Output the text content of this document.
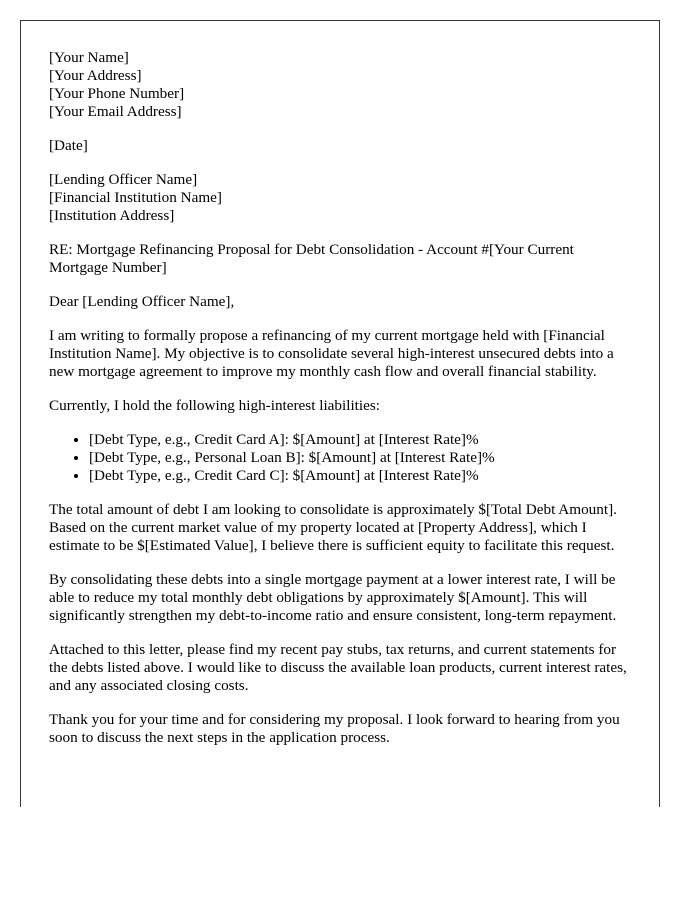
[Your Name]
[Your Address]
[Your Phone Number]
[Your Email Address]
[Date]
[Lending Officer Name]
[Financial Institution Name]
[Institution Address]

RE: Mortgage Refinancing Proposal for Debt Consolidation - Account #[Your Current Mortgage Number]

Dear [Lending Officer Name],

I am writing to formally propose a refinancing of my current mortgage held with [Financial Institution Name]. My objective is to consolidate several high-interest unsecured debts into a new mortgage agreement to improve my monthly cash flow and overall financial stability.

Currently, I hold the following high-interest liabilities:

• [Debt Type, e.g., Credit Card A]: $[Amount] at [Interest Rate]%
• [Debt Type, e.g., Personal Loan B]: $[Amount] at [Interest Rate]%
• [Debt Type, e.g., Credit Card C]: $[Amount] at [Interest Rate]%

The total amount of debt I am looking to consolidate is approximately $[Total Debt Amount]. Based on the current market value of my property located at [Property Address], which I estimate to be $[Estimated Value], I believe there is sufficient equity to facilitate this request.

By consolidating these debts into a single mortgage payment at a lower interest rate, I will be able to reduce my total monthly debt obligations by approximately $[Amount]. This will significantly strengthen my debt-to-income ratio and ensure consistent, long-term repayment.

Attached to this letter, please find my recent pay stubs, tax returns, and current statements for the debts listed above. I would like to discuss the available loan products, current interest rates, and any associated closing costs.

Thank you for your time and for considering my proposal. I look forward to hearing from you soon to discuss the next steps in the application process.
